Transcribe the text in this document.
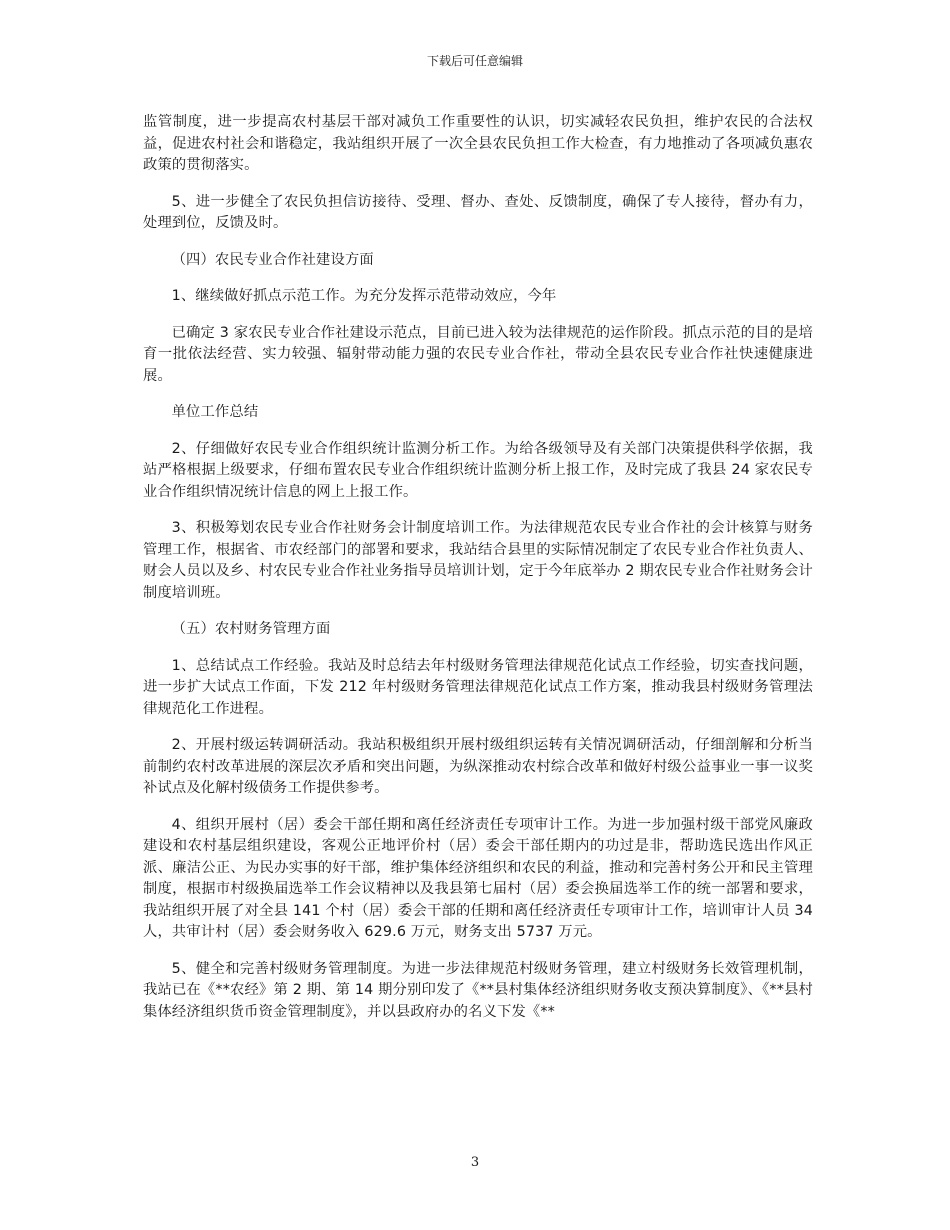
下载后可任意编辑

监管制度，进一步提高农村基层干部对减负工作重要性的认识，切实减轻农民负担，维护农民的合法权益，促进农村社会和谐稳定，我站组织开展了一次全县农民负担工作大检查，有力地推动了各项减负惠农政策的贯彻落实。

5、进一步健全了农民负担信访接待、受理、督办、查处、反馈制度，确保了专人接待，督办有力，处理到位，反馈及时。

（四）农民专业合作社建设方面

1、继续做好抓点示范工作。为充分发挥示范带动效应，今年

已确定 3 家农民专业合作社建设示范点，目前已进入较为法律规范的运作阶段。抓点示范的目的是培育一批依法经营、实力较强、辐射带动能力强的农民专业合作社，带动全县农民专业合作社快速健康进展。

单位工作总结

2、仔细做好农民专业合作组织统计监测分析工作。为给各级领导及有关部门决策提供科学依据，我站严格根据上级要求，仔细布置农民专业合作组织统计监测分析上报工作，及时完成了我县 24 家农民专业合作组织情况统计信息的网上上报工作。

3、积极筹划农民专业合作社财务会计制度培训工作。为法律规范农民专业合作社的会计核算与财务管理工作，根据省、市农经部门的部署和要求，我站结合县里的实际情况制定了农民专业合作社负责人、财会人员以及乡、村农民专业合作社业务指导员培训计划，定于今年底举办 2 期农民专业合作社财务会计制度培训班。

（五）农村财务管理方面

1、总结试点工作经验。我站及时总结去年村级财务管理法律规范化试点工作经验，切实查找问题，进一步扩大试点工作面，下发 212 年村级财务管理法律规范化试点工作方案，推动我县村级财务管理法律规范化工作进程。

2、开展村级运转调研活动。我站积极组织开展村级组织运转有关情况调研活动，仔细剖解和分析当前制约农村改革进展的深层次矛盾和突出问题，为纵深推动农村综合改革和做好村级公益事业一事一议奖补试点及化解村级债务工作提供参考。

4、组织开展村（居）委会干部任期和离任经济责任专项审计工作。为进一步加强村级干部党风廉政建设和农村基层组织建设，客观公正地评价村（居）委会干部任期内的功过是非，帮助选民选出作风正派、廉洁公正、为民办实事的好干部，维护集体经济组织和农民的利益，推动和完善村务公开和民主管理制度，根据市村级换届选举工作会议精神以及我县第七届村（居）委会换届选举工作的统一部署和要求，我站组织开展了对全县 141 个村（居）委会干部的任期和离任经济责任专项审计工作，培训审计人员 34 人，共审计村（居）委会财务收入 629.6 万元，财务支出 5737 万元。

5、健全和完善村级财务管理制度。为进一步法律规范村级财务管理，建立村级财务长效管理机制，我站已在《**农经》第 2 期、第 14 期分别印发了《**县村集体经济组织财务收支预决算制度》、《**县村集体经济组织货币资金管理制度》，并以县政府办的名义下发《**

3
